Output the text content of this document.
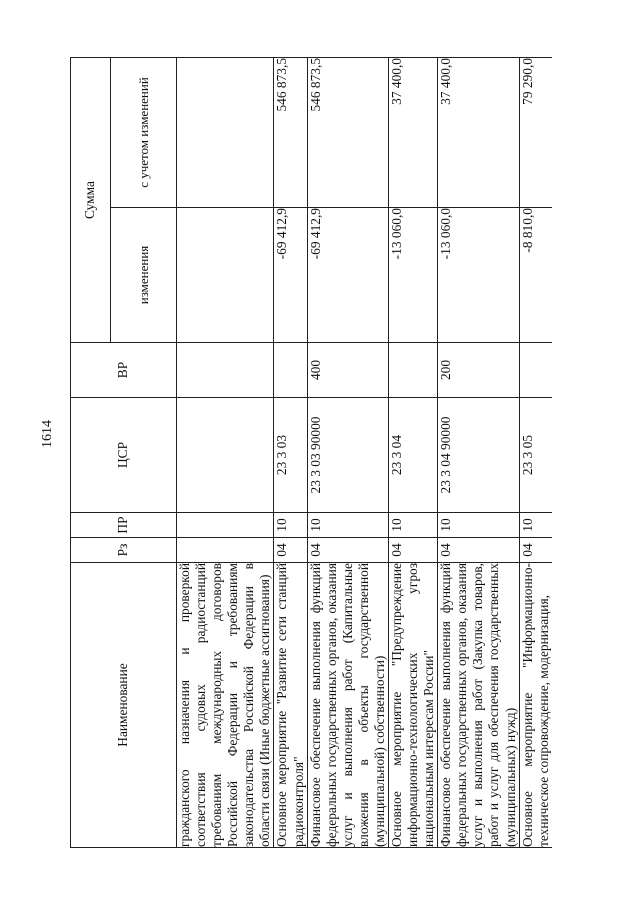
1614
Наименование	Рз	ПР	ЦСР	ВР	Сумма	
					изменения	с учетом изменений
гражданского назначения и проверкой соответствия судовых радиостанций требованиям международных договоров Российской Федерации и требованиям законодательства Российской Федерации в области связи (Иные бюджетные ассигнования)						
Основное мероприятие "Развитие сети станций радиоконтроля"	04	10	23 3 03		-69 412,9	546 873,5
Финансовое обеспечение выполнения функций федеральных государственных органов, оказания услуг и выполнения работ (Капитальные вложения в объекты государственной (муниципальной) собственности)	04	10	23 3 03 90000	400	-69 412,9	546 873,5
Основное мероприятие "Предупреждение информационно-технологических угроз национальным интересам России"	04	10	23 3 04		-13 060,0	37 400,0
Финансовое обеспечение выполнения функций федеральных государственных органов, оказания услуг и выполнения работ (Закупка товаров, работ и услуг для обеспечения государственных (муниципальных) нужд)	04	10	23 3 04 90000	200	-13 060,0	37 400,0
Основное мероприятие "Информационно-техническое сопровождение, модернизация,	04	10	23 3 05		-8 810,0	79 290,0
